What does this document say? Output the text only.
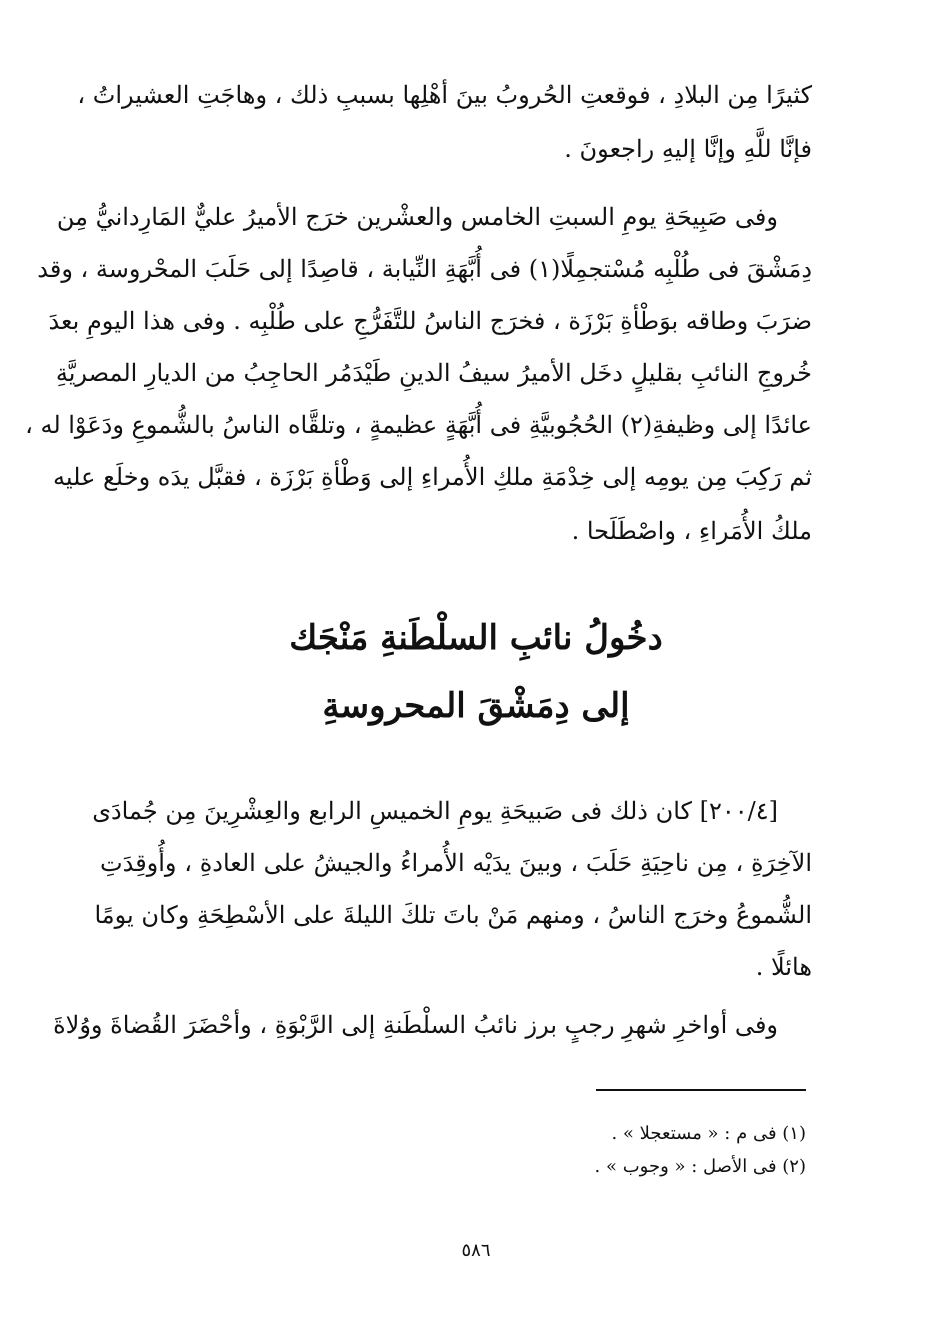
كثيرًا مِن البلادِ ، فوقعتِ الحُروبُ بينَ أهْلِها بسببِ ذلك ، وهاجَتِ العشيراتُ ،
فإنَّا للَّهِ وإنَّا إليهِ راجعونَ .
وفى صَبِيحَةِ يومِ السبتِ الخامس والعشْرين خرَج الأميرُ عليٌّ المَارِدانيُّ مِن
دِمَشْقَ فى طُلْبِه مُسْتجمِلًا(١) فى أُبَّهَةِ النِّيابة ، قاصِدًا إلى حَلَبَ المحْروسة ، وقد
ضرَبَ وطاقه بوَطْأةِ بَرْزَة ، فخرَج الناسُ للتَّفَرُّجِ على طُلْبِه . وفى هذا اليومِ بعدَ
خُروجِ النائبِ بقليلٍ دخَل الأميرُ سيفُ الدينِ طَيْدَمُر الحاجِبُ من الديارِ المصريَّةِ
عائدًا إلى وظيفةِ(٢) الحُجُوبيَّةِ فى أُبَّهَةٍ عظيمةٍ ، وتلقَّاه الناسُ بالشُّموعِ ودَعَوْا له ،
ثم رَكِبَ مِن يومِه إلى خِدْمَةِ ملكِ الأُمراءِ إلى وَطْأةِ بَرْزَة ، فقبَّل يدَه وخلَع عليه
ملكُ الأُمَراءِ ، واصْطَلَحا .
دخُولُ نائبِ السلْطَنةِ مَنْجَك
إلى دِمَشْقَ المحروسةِ
[٢٠٠/٤] كان ذلك فى صَبيحَةِ يومِ الخميسِ الرابع والعِشْرِينَ مِن جُمادَى
الآخِرَةِ ، مِن ناحِيَةِ حَلَبَ ، وبينَ يدَيْه الأُمراءُ والجيشُ على العادةِ ، وأُوقِدَتِ
الشُّموعُ وخرَج الناسُ ، ومنهم مَنْ باتَ تلكَ الليلةَ على الأسْطِحَةِ وكان يومًا
هائلًا .
وفى أواخرِ شهرِ رجبٍ برز نائبُ السلْطَنةِ إلى الرَّبْوَةِ ، وأحْضَرَ القُضاةَ ووُلاةَ
(١) فى م : « مستعجلا » .
(٢) فى الأصل : « وجوب » .
٥٨٦
